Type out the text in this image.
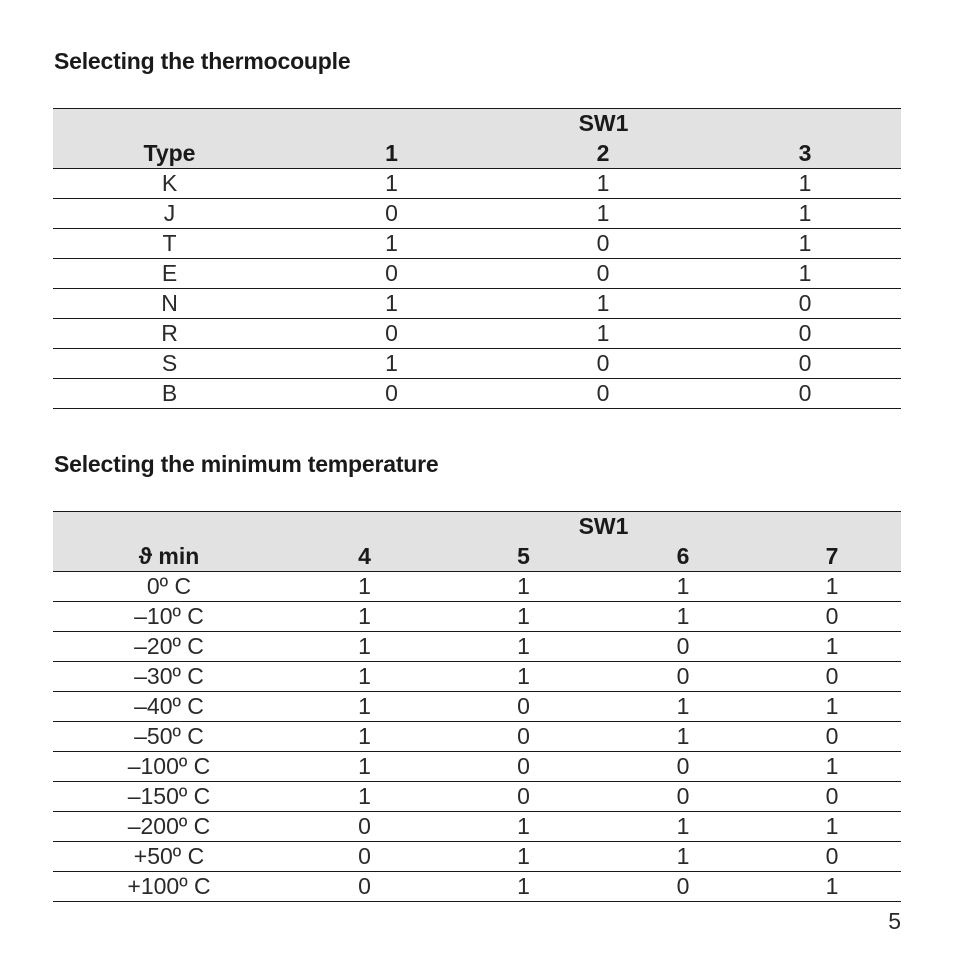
Selecting the thermocouple
	SW1		
Type	1	2	3
K	1	1	1
J	0	1	1
T	1	0	1
E	0	0	1
N	1	1	0
R	0	1	0
S	1	0	0
B	0	0	0
Selecting the minimum temperature
		SW1		
ϑ min	4	5	6	7
0º C	1	1	1	1
–10º C	1	1	1	0
–20º C	1	1	0	1
–30º C	1	1	0	0
–40º C	1	0	1	1
–50º C	1	0	1	0
–100º C	1	0	0	1
–150º C	1	0	0	0
–200º C	0	1	1	1
+50º C	0	1	1	0
+100º C	0	1	0	1
5
